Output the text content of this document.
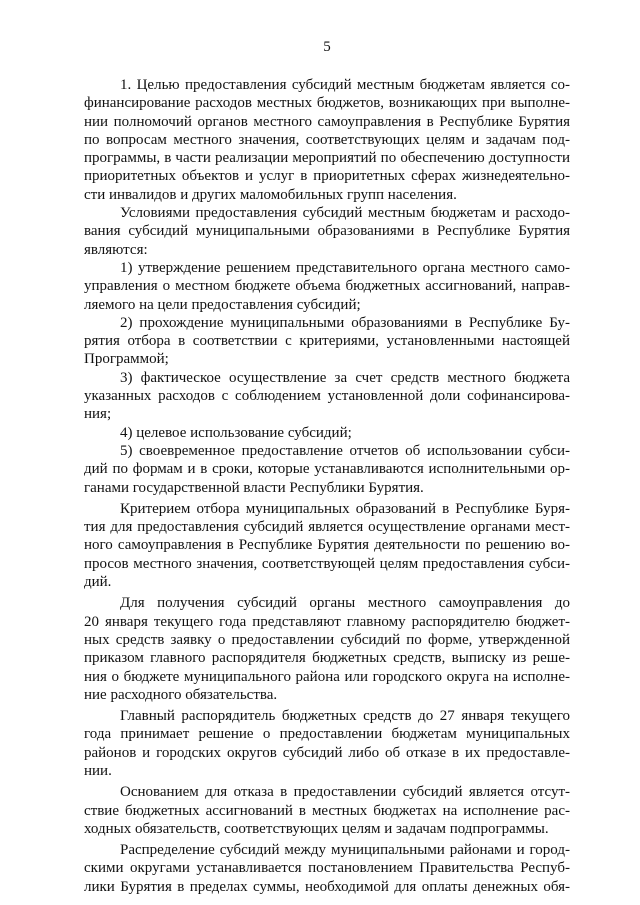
5

1. Целью предоставления субсидий местным бюджетам является со-
финансирование расходов местных бюджетов, возникающих при выполне-
нии полномочий органов местного самоуправления в Республике Бурятия
по вопросам местного значения, соответствующих целям и задачам под-
программы, в части реализации мероприятий по обеспечению доступности
приоритетных объектов и услуг в приоритетных сферах жизнедеятельно-
сти инвалидов и других маломобильных групп населения.

Условиями предоставления субсидий местным бюджетам и расходо-
вания субсидий муниципальными образованиями в Республике Бурятия
являются:

1) утверждение решением представительного органа местного само-
управления о местном бюджете объема бюджетных ассигнований, направ-
ляемого на цели предоставления субсидий;

2) прохождение муниципальными образованиями в Республике Бу-
рятия отбора в соответствии с критериями, установленными настоящей
Программой;

3) фактическое осуществление за счет средств местного бюджета
указанных расходов с соблюдением установленной доли софинансирова-
ния;

4) целевое использование субсидий;

5) своевременное предоставление отчетов об использовании субси-
дий по формам и в сроки, которые устанавливаются исполнительными ор-
ганами государственной власти Республики Бурятия.

Критерием отбора муниципальных образований в Республике Буря-
тия для предоставления субсидий является осуществление органами мест-
ного самоуправления в Республике Бурятия деятельности по решению во-
просов местного значения, соответствующей целям предоставления субси-
дий.

Для получения субсидий органы местного самоуправления до
20 января текущего года представляют главному распорядителю бюджет-
ных средств заявку о предоставлении субсидий по форме, утвержденной
приказом главного распорядителя бюджетных средств, выписку из реше-
ния о бюджете муниципального района или городского округа на исполне-
ние расходного обязательства.

Главный распорядитель бюджетных средств до 27 января текущего
года принимает решение о предоставлении бюджетам муниципальных
районов и городских округов субсидий либо об отказе в их предоставле-
нии.

Основанием для отказа в предоставлении субсидий является отсут-
ствие бюджетных ассигнований в местных бюджетах на исполнение рас-
ходных обязательств, соответствующих целям и задачам подпрограммы.

Распределение субсидий между муниципальными районами и город-
скими округами устанавливается постановлением Правительства Респуб-
лики Бурятия в пределах суммы, необходимой для оплаты денежных обя-
